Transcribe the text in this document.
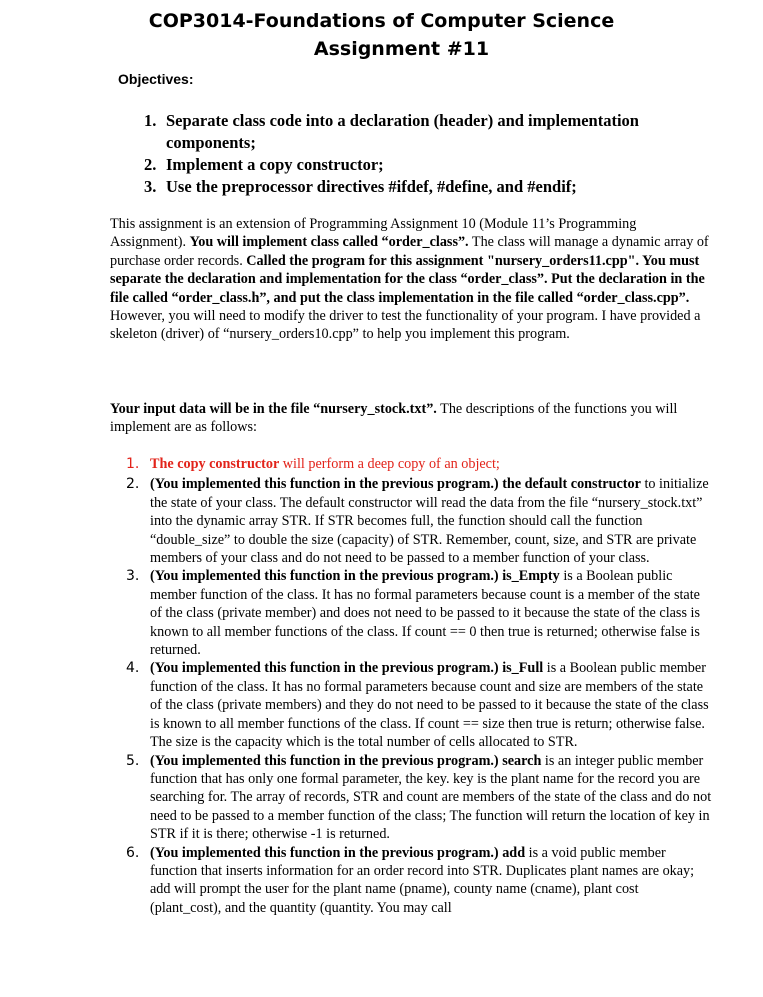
COP3014-Foundations of Computer Science
Assignment #11
Objectives:
1. Separate class code into a declaration (header) and implementation components;
2. Implement a copy constructor;
3. Use the preprocessor directives #ifdef, #define, and #endif;

This assignment is an extension of Programming Assignment 10 (Module 11’s Programming Assignment). You will implement class called “order_class”. The class will manage a dynamic array of purchase order records. Called the program for this assignment "nursery_orders11.cpp". You must separate the declaration and implementation for the class “order_class”. Put the declaration in the file called “order_class.h”, and put the class implementation in the file called “order_class.cpp”. However, you will need to modify the driver to test the functionality of your program. I have provided a skeleton (driver) of “nursery_orders10.cpp” to help you implement this program.

Your input data will be in the file “nursery_stock.txt”. The descriptions of the functions you will implement are as follows:

1. The copy constructor will perform a deep copy of an object;
2. (You implemented this function in the previous program.) the default constructor to initialize the state of your class. The default constructor will read the data from the file “nursery_stock.txt” into the dynamic array STR. If STR becomes full, the function should call the function “double_size” to double the size (capacity) of STR. Remember, count, size, and STR are private members of your class and do not need to be passed to a member function of your class.
3. (You implemented this function in the previous program.) is_Empty is a Boolean public member function of the class. It has no formal parameters because count is a member of the state of the class (private member) and does not need to be passed to it because the state of the class is known to all member functions of the class. If count == 0 then true is returned; otherwise false is returned.
4. (You implemented this function in the previous program.) is_Full is a Boolean public member function of the class. It has no formal parameters because count and size are members of the state of the class (private members) and they do not need to be passed to it because the state of the class is known to all member functions of the class. If count == size then true is return; otherwise false. The size is the capacity which is the total number of cells allocated to STR.
5. (You implemented this function in the previous program.) search is an integer public member function that has only one formal parameter, the key. key is the plant name for the record you are searching for. The array of records, STR and count are members of the state of the class and do not need to be passed to a member function of the class; The function will return the location of key in STR if it is there; otherwise -1 is returned.
6. (You implemented this function in the previous program.) add is a void public member function that inserts information for an order record into STR. Duplicates plant names are okay; add will prompt the user for the plant name (pname), county name (cname), plant cost (plant_cost), and the quantity (quantity. You may call
